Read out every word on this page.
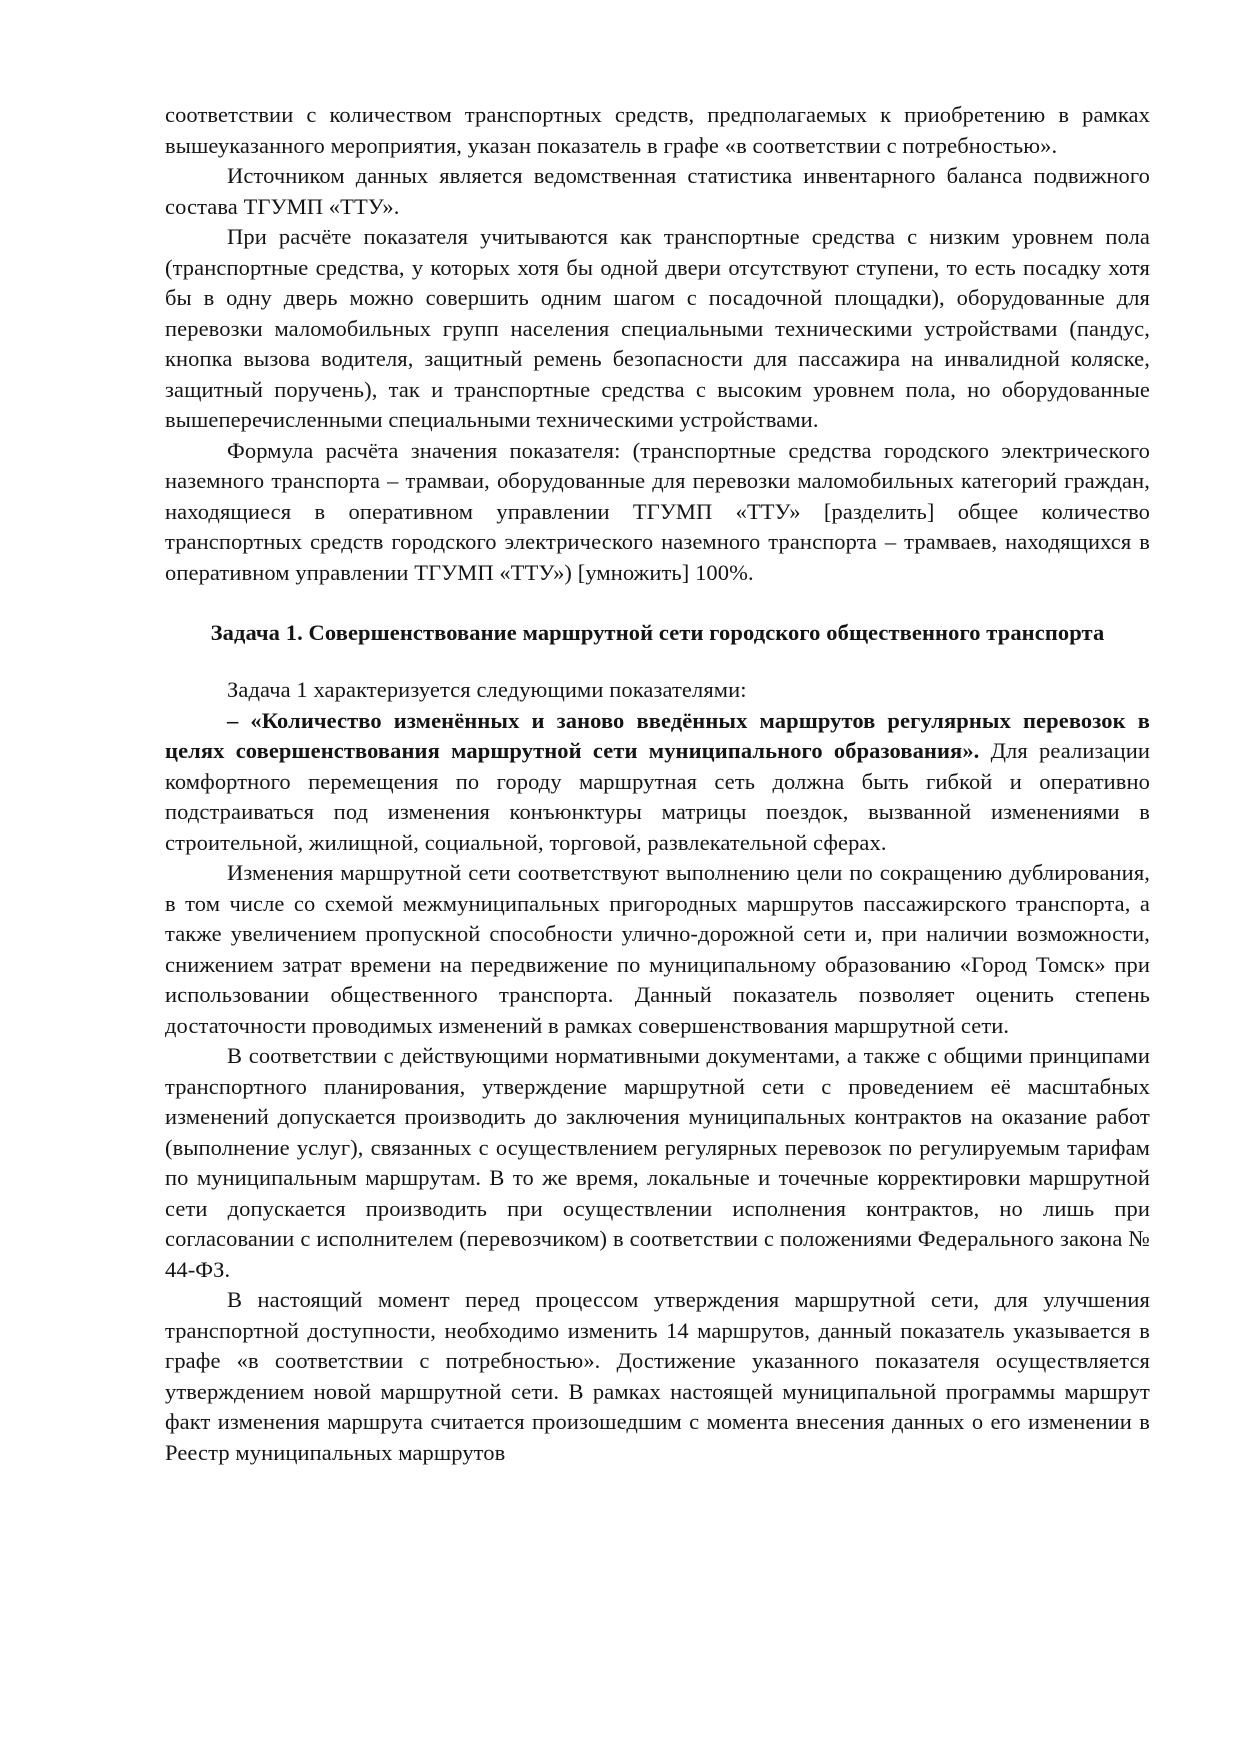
соответствии с количеством транспортных средств, предполагаемых к приобретению в рамках вышеуказанного мероприятия, указан показатель в графе «в соответствии с потребностью».

Источником данных является ведомственная статистика инвентарного баланса подвижного состава ТГУМП «ТТУ».

При расчёте показателя учитываются как транспортные средства с низким уровнем пола (транспортные средства, у которых хотя бы одной двери отсутствуют ступени, то есть посадку хотя бы в одну дверь можно совершить одним шагом с посадочной площадки), оборудованные для перевозки маломобильных групп населения специальными техническими устройствами (пандус, кнопка вызова водителя, защитный ремень безопасности для пассажира на инвалидной коляске, защитный поручень), так и транспортные средства с высоким уровнем пола, но оборудованные вышеперечисленными специальными техническими устройствами.

Формула расчёта значения показателя: (транспортные средства городского электрического наземного транспорта – трамваи, оборудованные для перевозки маломобильных категорий граждан, находящиеся в оперативном управлении ТГУМП «ТТУ» [разделить] общее количество транспортных средств городского электрического наземного транспорта – трамваев, находящихся в оперативном управлении ТГУМП «ТТУ») [умножить] 100%.

Задача 1. Совершенствование маршрутной сети городского общественного транспорта

Задача 1 характеризуется следующими показателями:

– «Количество изменённых и заново введённых маршрутов регулярных перевозок в целях совершенствования маршрутной сети муниципального образования». Для реализации комфортного перемещения по городу маршрутная сеть должна быть гибкой и оперативно подстраиваться под изменения конъюнктуры матрицы поездок, вызванной изменениями в строительной, жилищной, социальной, торговой, развлекательной сферах.

Изменения маршрутной сети соответствуют выполнению цели по сокращению дублирования, в том числе со схемой межмуниципальных пригородных маршрутов пассажирского транспорта, а также увеличением пропускной способности улично-дорожной сети и, при наличии возможности, снижением затрат времени на передвижение по муниципальному образованию «Город Томск» при использовании общественного транспорта. Данный показатель позволяет оценить степень достаточности проводимых изменений в рамках совершенствования маршрутной сети.

В соответствии с действующими нормативными документами, а также с общими принципами транспортного планирования, утверждение маршрутной сети с проведением её масштабных изменений допускается производить до заключения муниципальных контрактов на оказание работ (выполнение услуг), связанных с осуществлением регулярных перевозок по регулируемым тарифам по муниципальным маршрутам. В то же время, локальные и точечные корректировки маршрутной сети допускается производить при осуществлении исполнения контрактов, но лишь при согласовании с исполнителем (перевозчиком) в соответствии с положениями Федерального закона № 44-ФЗ.

В настоящий момент перед процессом утверждения маршрутной сети, для улучшения транспортной доступности, необходимо изменить 14 маршрутов, данный показатель указывается в графе «в соответствии с потребностью». Достижение указанного показателя осуществляется утверждением новой маршрутной сети. В рамках настоящей муниципальной программы маршрут факт изменения маршрута считается произошедшим с момента внесения данных о его изменении в Реестр муниципальных маршрутов
